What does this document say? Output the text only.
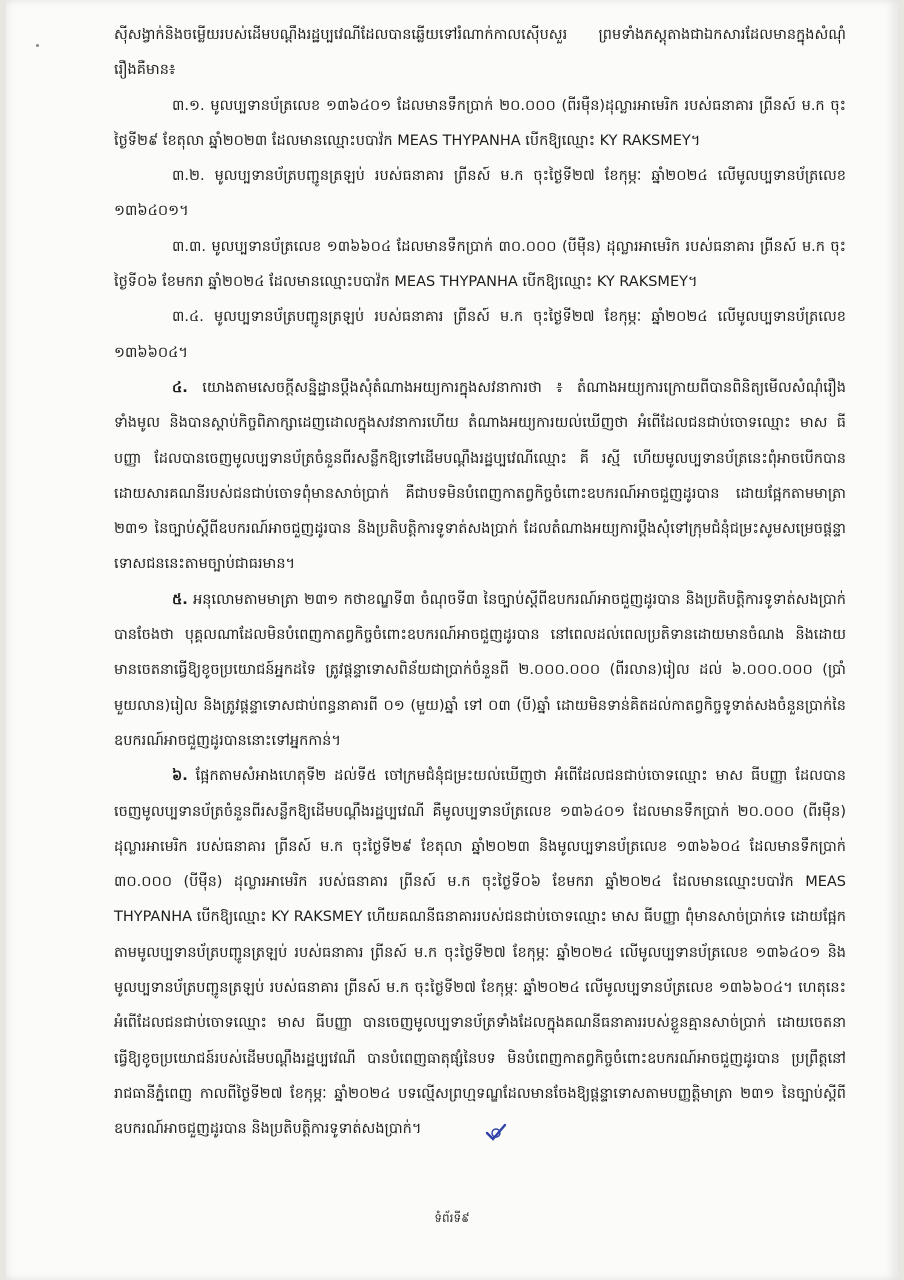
ស៊ីសង្វាក់និងចម្លើយរបស់ដើមបណ្តឹងរដ្ឋប្បវេណីដែលបានឆ្លើយទៅរំណាក់កាលស៊ើបសួរ ព្រមទាំងភស្តុតាងជាឯកសារដែលមានក្នុងសំណុំរឿងគឺមាន៖

៣.១. មូលប្បទានប័ត្រលេខ ១៣៦៤០១ ដែលមានទឹកប្រាក់ ២០.០០០ (ពីរម៉ឺន)ដុល្លារអាមេរិក របស់ធនាគារ ព្រីនស៍ ម.ក ចុះថ្ងៃទី២៩ ខែតុលា ឆ្នាំ២០២៣ ដែលមានឈ្មោះបបាវ៉ក MEAS THYPANHA បើកឱ្យឈ្មោះ KY RAKSMEY។

៣.២. មូលប្បទានប័ត្របញ្ជូនត្រឡប់ របស់ធនាគារ ព្រីនស៍ ម.ក ចុះថ្ងៃទី២៧ ខែកុម្ភៈ ឆ្នាំ២០២៤ លើមូលប្បទានប័ត្រលេខ ១៣៦៤០១។

៣.៣. មូលប្បទានប័ត្រលេខ ១៣៦៦០៤ ដែលមានទឹកប្រាក់ ៣០.០០០ (បីម៉ឺន) ដុល្លារអាមេរិក របស់ធនាគារ ព្រីនស៍ ម.ក ចុះថ្ងៃទី០៦ ខែមករា ឆ្នាំ២០២៤ ដែលមានឈ្មោះបបាវ៉ក MEAS THYPANHA បើកឱ្យឈ្មោះ KY RAKSMEY។

៣.៤. មូលប្បទានប័ត្របញ្ជូនត្រឡប់ របស់ធនាគារ ព្រីនស៍ ម.ក ចុះថ្ងៃទី២៧ ខែកុម្ភៈ ឆ្នាំ២០២៤ លើមូលប្បទានប័ត្រលេខ ១៣៦៦០៤។

៤. យោងតាមសេចក្តីសន្និដ្ឋានប្តឹងសុំតំណាងអយ្យការក្នុងសវនាការថា ៖ តំណាងអយ្យការក្រោយពីបានពិនិត្យមើលសំណុំរឿងទាំងមូល និងបានស្តាប់កិច្ចពិភាក្សាដេញដោលក្នុងសវនាការហើយ តំណាងអយ្យការយល់ឃើញថា អំពើដែលជនជាប់ចោទឈ្មោះ មាស ធីបញ្ញា ដែលបានចេញមូលប្បទានប័ត្រចំនួនពីរសន្លឹកឱ្យទៅដើមបណ្តឹងរដ្ឋប្បវេណីឈ្មោះ គី រស្មី ហើយមូលប្បទានប័ត្រនេះពុំអាចបើកបាន ដោយសារគណនីរបស់ជនជាប់ចោទពុំមានសាច់ប្រាក់ គឺជាបទមិនបំពេញកាតព្វកិច្ចចំពោះឧបករណ៍អាចជួញដូរបាន ដោយផ្អែកតាមមាត្រា ២៣១ នៃច្បាប់ស្តីពីឧបករណ៍អាចជួញដូរបាន និងប្រតិបត្តិការទូទាត់សងប្រាក់ ដែលតំណាងអយ្យការប្តឹងសុំទៅក្រុមជំនុំជម្រះសូមសម្រេចផ្តន្ទាទោសជននេះតាមច្បាប់ជាធរមាន។

៥. អនុលោមតាមមាត្រា ២៣១ កថាខណ្ឌទី៣ ចំណុចទី៣ នៃច្បាប់ស្តីពីឧបករណ៍អាចជួញដូរបាន និងប្រតិបត្តិការទូទាត់សងប្រាក់បានចែងថា បុគ្គលណាដែលមិនបំពេញកាតព្វកិច្ចចំពោះឧបករណ៍អាចជួញដូរបាន នៅពេលដល់ពេលប្រតិទានដោយមានចំណង និងដោយមានចេតនាធ្វើឱ្យខូចប្រយោជន៍អ្នកដទៃ ត្រូវផ្តន្ទាទោសពិន័យជាប្រាក់ចំនួនពី ២.០០០.០០០ (ពីរលាន)រៀល ដល់ ៦.០០០.០០០ (ប្រាំមួយលាន)រៀល និងត្រូវផ្តន្ទាទោសជាប់ពន្ធនាគារពី ០១ (មួយ)ឆ្នាំ ទៅ ០៣ (បី)ឆ្នាំ ដោយមិនទាន់គិតដល់កាតព្វកិច្ចទូទាត់សងចំនួនប្រាក់នៃឧបករណ៍អាចជួញដូរបាននោះទៅអ្នកកាន់។

៦. ផ្អែកតាមសំអាងហេតុទី២ ដល់ទី៥ ចៅក្រមជំនុំជម្រះយល់ឃើញថា អំពើដែលជនជាប់ចោទឈ្មោះ មាស ធីបញ្ញា ដែលបានចេញមូលប្បទានប័ត្រចំនួនពីរសន្លឹកឱ្យដើមបណ្តឹងរដ្ឋប្បវេណី គឺមូលប្បទានប័ត្រលេខ ១៣៦៤០១ ដែលមានទឹកប្រាក់ ២០.០០០ (ពីរម៉ឺន) ដុល្លារអាមេរិក របស់ធនាគារ ព្រីនស៍ ម.ក ចុះថ្ងៃទី២៩ ខែតុលា ឆ្នាំ២០២៣ និងមូលប្បទានប័ត្រលេខ ១៣៦៦០៤ ដែលមានទឹកប្រាក់ ៣០.០០០ (បីម៉ឺន) ដុល្លារអាមេរិក របស់ធនាគារ ព្រីនស៍ ម.ក ចុះថ្ងៃទី០៦ ខែមករា ឆ្នាំ២០២៤ ដែលមានឈ្មោះបបាវ៉ក MEAS THYPANHA បើកឱ្យឈ្មោះ KY RAKSMEY ហើយគណនីធនាគាររបស់ជនជាប់ចោទឈ្មោះ មាស ធីបញ្ញា ពុំមានសាច់ប្រាក់ទេ ដោយផ្អែកតាមមូលប្បទានប័ត្របញ្ជូនត្រឡប់ របស់ធនាគារ ព្រីនស៍ ម.ក ចុះថ្ងៃទី២៧ ខែកុម្ភៈ ឆ្នាំ២០២៤ លើមូលប្បទានប័ត្រលេខ ១៣៦៤០១ និងមូលប្បទានប័ត្របញ្ជូនត្រឡប់ របស់ធនាគារ ព្រីនស៍ ម.ក ចុះថ្ងៃទី២៧ ខែកុម្ភៈ ឆ្នាំ២០២៤ លើមូលប្បទានប័ត្រលេខ ១៣៦៦០៤។ ហេតុនេះ អំពើដែលជនជាប់ចោទឈ្មោះ មាស ធីបញ្ញា បានចេញមូលប្បទានប័ត្រទាំងដែលក្នុងគណនីធនាគាររបស់ខ្លួនគ្មានសាច់ប្រាក់ ដោយចេតនាធ្វើឱ្យខូចប្រយោជន៍របស់ដើមបណ្តឹងរដ្ឋប្បវេណី បានបំពេញធាតុផ្សំនៃបទ មិនបំពេញកាតព្វកិច្ចចំពោះឧបករណ៍អាចជួញដូរបាន ប្រព្រឹត្តនៅរាជធានីភ្នំពេញ កាលពីថ្ងៃទី២៧ ខែកុម្ភៈ ឆ្នាំ២០២៤ បទល្មើសព្រហ្មទណ្ឌដែលមានចែងឱ្យផ្តន្ទាទោសតាមបញ្ញត្តិមាត្រា ២៣១ នៃច្បាប់ស្តីពីឧបករណ៍អាចជួញដូរបាន និងប្រតិបត្តិការទូទាត់សងប្រាក់។

ទំព័រទី៩
